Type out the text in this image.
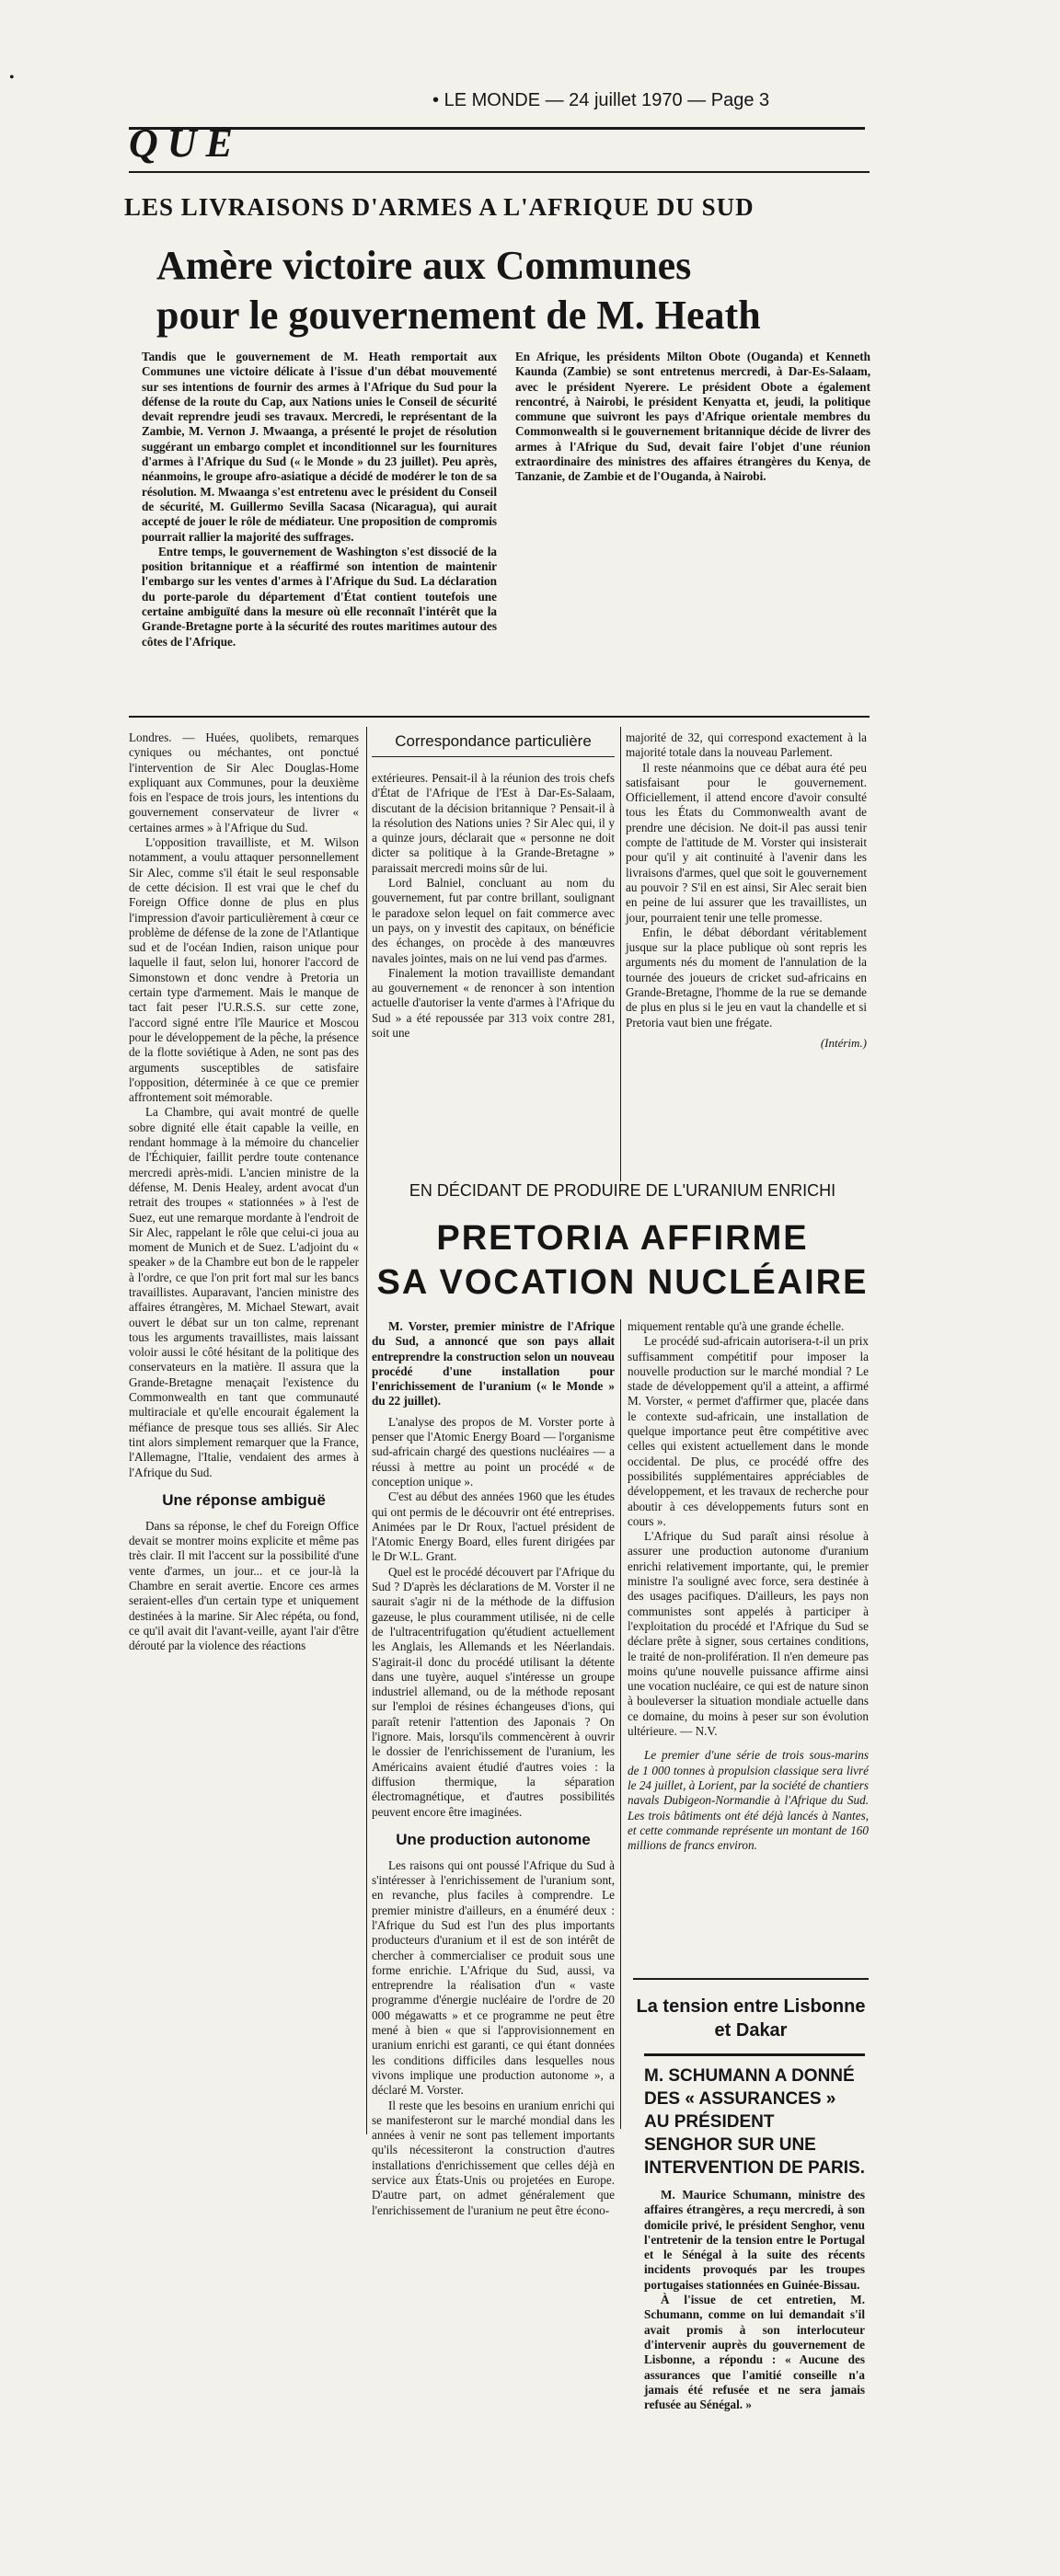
•
• LE MONDE — 24 juillet 1970 — Page 3
QUE
LES LIVRAISONS D'ARMES A L'AFRIQUE DU SUD
Amère victoire aux Communes
pour le gouvernement de M. Heath

Tandis que le gouvernement de M. Heath remportait aux Communes une victoire délicate à l'issue d'un débat mouvementé sur ses intentions de fournir des armes à l'Afrique du Sud pour la défense de la route du Cap, aux Nations unies le Conseil de sécurité devait reprendre jeudi ses travaux. Mercredi, le représentant de la Zambie, M. Vernon J. Mwaanga, a présenté le projet de résolution suggérant un embargo complet et inconditionnel sur les fournitures d'armes à l'Afrique du Sud (« le Monde » du 23 juillet). Peu après, néanmoins, le groupe afro-asiatique a décidé de modérer le ton de sa résolution. M. Mwaanga s'est entretenu avec le président du Conseil de sécurité, M. Guillermo Sevilla Sacasa (Nicaragua), qui aurait accepté de jouer le rôle de médiateur. Une proposition de compromis pourrait rallier la majorité des suffrages.

Entre temps, le gouvernement de Washington s'est dissocié de la position britannique et a réaffirmé son intention de maintenir l'embargo sur les ventes d'armes à l'Afrique du Sud. La déclaration du porte-parole du département d'État contient toutefois une certaine ambiguïté dans la mesure où elle reconnaît l'intérêt que la Grande-Bretagne porte à la sécurité des routes maritimes autour des côtes de l'Afrique.

En Afrique, les présidents Milton Obote (Ouganda) et Kenneth Kaunda (Zambie) se sont entretenus mercredi, à Dar-Es-Salaam, avec le président Nyerere. Le président Obote a également rencontré, à Nairobi, le président Kenyatta et, jeudi, la politique commune que suivront les pays d'Afrique orientale membres du Commonwealth si le gouvernement britannique décide de livrer des armes à l'Afrique du Sud, devait faire l'objet d'une réunion extraordinaire des ministres des affaires étrangères du Kenya, de Tanzanie, de Zambie et de l'Ouganda, à Nairobi.

Londres. — Huées, quolibets, remarques cyniques ou méchantes, ont ponctué l'intervention de Sir Alec Douglas-Home expliquant aux Communes, pour la deuxième fois en l'espace de trois jours, les intentions du gouvernement conservateur de livrer « certaines armes » à l'Afrique du Sud.

L'opposition travailliste, et M. Wilson notamment, a voulu attaquer personnellement Sir Alec, comme s'il était le seul responsable de cette décision. Il est vrai que le chef du Foreign Office donne de plus en plus l'impression d'avoir particulièrement à cœur ce problème de défense de la zone de l'Atlantique sud et de l'océan Indien, raison unique pour laquelle il faut, selon lui, honorer l'accord de Simonstown et donc vendre à Pretoria un certain type d'armement. Mais le manque de tact fait peser l'U.R.S.S. sur cette zone, l'accord signé entre l'île Maurice et Moscou pour le développement de la pêche, la présence de la flotte soviétique à Aden, ne sont pas des arguments susceptibles de satisfaire l'opposition, déterminée à ce que ce premier affrontement soit mémorable.

La Chambre, qui avait montré de quelle sobre dignité elle était capable la veille, en rendant hommage à la mémoire du chancelier de l'Échiquier, faillit perdre toute contenance mercredi après-midi. L'ancien ministre de la défense, M. Denis Healey, ardent avocat d'un retrait des troupes « stationnées » à l'est de Suez, eut une remarque mordante à l'endroit de Sir Alec, rappelant le rôle que celui-ci joua au moment de Munich et de Suez. L'adjoint du « speaker » de la Chambre eut bon de le rappeler à l'ordre, ce que l'on prit fort mal sur les bancs travaillistes. Auparavant, l'ancien ministre des affaires étrangères, M. Michael Stewart, avait ouvert le débat sur un ton calme, reprenant tous les arguments travaillistes, mais laissant voloir aussi le côté hésitant de la politique des conservateurs en la matière. Il assura que la Grande-Bretagne menaçait l'existence du Commonwealth en tant que communauté multiraciale et qu'elle encourait également la méfiance de presque tous ses alliés. Sir Alec tint alors simplement remarquer que la France, l'Allemagne, l'Italie, vendaient des armes à l'Afrique du Sud.

Une réponse ambiguë

Dans sa réponse, le chef du Foreign Office devait se montrer moins explicite et même pas très clair. Il mit l'accent sur la possibilité d'une vente d'armes, un jour... et ce jour-là la Chambre en serait avertie. Encore ces armes seraient-elles d'un certain type et uniquement destinées à la marine. Sir Alec répéta, ou fond, ce qu'il avait dit l'avant-veille, ayant l'air d'être dérouté par la violence des réactions

Correspondance particulière

extérieures. Pensait-il à la réunion des trois chefs d'État de l'Afrique de l'Est à Dar-Es-Salaam, discutant de la décision britannique ? Pensait-il à la résolution des Nations unies ? Sir Alec qui, il y a quinze jours, déclarait que « personne ne doit dicter sa politique à la Grande-Bretagne » paraissait mercredi moins sûr de lui.

Lord Balniel, concluant au nom du gouvernement, fut par contre brillant, soulignant le paradoxe selon lequel on fait commerce avec un pays, on y investit des capitaux, on bénéficie des échanges, on procède à des manœuvres navales jointes, mais on ne lui vend pas d'armes.

Finalement la motion travailliste demandant au gouvernement « de renoncer à son intention actuelle d'autoriser la vente d'armes à l'Afrique du Sud » a été repoussée par 313 voix contre 281, soit une

majorité de 32, qui correspond exactement à la majorité totale dans la nouveau Parlement.

Il reste néanmoins que ce débat aura été peu satisfaisant pour le gouvernement. Officiellement, il attend encore d'avoir consulté tous les États du Commonwealth avant de prendre une décision. Ne doit-il pas aussi tenir compte de l'attitude de M. Vorster qui insisterait pour qu'il y ait continuité à l'avenir dans les livraisons d'armes, quel que soit le gouvernement au pouvoir ? S'il en est ainsi, Sir Alec serait bien en peine de lui assurer que les travaillistes, un jour, pourraient tenir une telle promesse.

Enfin, le débat débordant véritablement jusque sur la place publique où sont repris les arguments nés du moment de l'annulation de la tournée des joueurs de cricket sud-africains en Grande-Bretagne, l'homme de la rue se demande de plus en plus si le jeu en vaut la chandelle et si Pretoria vaut bien une frégate.

(Intérim.)
EN DÉCIDANT DE PRODUIRE DE L'URANIUM ENRICHI
PRETORIA AFFIRME
SA VOCATION NUCLÉAIRE

M. Vorster, premier ministre de l'Afrique du Sud, a annoncé que son pays allait entreprendre la construction selon un nouveau procédé d'une installation pour l'enrichissement de l'uranium (« le Monde » du 22 juillet).

L'analyse des propos de M. Vorster porte à penser que l'Atomic Energy Board — l'organisme sud-africain chargé des questions nucléaires — a réussi à mettre au point un procédé « de conception unique ».

C'est au début des années 1960 que les études qui ont permis de le découvrir ont été entreprises. Animées par le Dr Roux, l'actuel président de l'Atomic Energy Board, elles furent dirigées par le Dr W.L. Grant.

Quel est le procédé découvert par l'Afrique du Sud ? D'après les déclarations de M. Vorster il ne saurait s'agir ni de la méthode de la diffusion gazeuse, le plus couramment utilisée, ni de celle de l'ultracentrifugation qu'étudient actuellement les Anglais, les Allemands et les Néerlandais. S'agirait-il donc du procédé utilisant la détente dans une tuyère, auquel s'intéresse un groupe industriel allemand, ou de la méthode reposant sur l'emploi de résines échangeuses d'ions, qui paraît retenir l'attention des Japonais ? On l'ignore. Mais, lorsqu'ils commencèrent à ouvrir le dossier de l'enrichissement de l'uranium, les Américains avaient étudié d'autres voies : la diffusion thermique, la séparation électromagnétique, et d'autres possibilités peuvent encore être imaginées.

Une production autonome

Les raisons qui ont poussé l'Afrique du Sud à s'intéresser à l'enrichissement de l'uranium sont, en revanche, plus faciles à comprendre. Le premier ministre d'ailleurs, en a énuméré deux : l'Afrique du Sud est l'un des plus importants producteurs d'uranium et il est de son intérêt de chercher à commercialiser ce produit sous une forme enrichie. L'Afrique du Sud, aussi, va entreprendre la réalisation d'un « vaste programme d'énergie nucléaire de l'ordre de 20 000 mégawatts » et ce programme ne peut être mené à bien « que si l'approvisionnement en uranium enrichi est garanti, ce qui étant données les conditions difficiles dans lesquelles nous vivons implique une production autonome », a déclaré M. Vorster.

Il reste que les besoins en uranium enrichi qui se manifesteront sur le marché mondial dans les années à venir ne sont pas tellement importants qu'ils nécessiteront la construction d'autres installations d'enrichissement que celles déjà en service aux États-Unis ou projetées en Europe. D'autre part, on admet généralement que l'enrichissement de l'uranium ne peut être écono-

miquement rentable qu'à une grande échelle.

Le procédé sud-africain autorisera-t-il un prix suffisamment compétitif pour imposer la nouvelle production sur le marché mondial ? Le stade de développement qu'il a atteint, a affirmé M. Vorster, « permet d'affirmer que, placée dans le contexte sud-africain, une installation de quelque importance peut être compétitive avec celles qui existent actuellement dans le monde occidental. De plus, ce procédé offre des possibilités supplémentaires appréciables de développement, et les travaux de recherche pour aboutir à ces développements futurs sont en cours ».

L'Afrique du Sud paraît ainsi résolue à assurer une production autonome d'uranium enrichi relativement importante, qui, le premier ministre l'a souligné avec force, sera destinée à des usages pacifiques. D'ailleurs, les pays non communistes sont appelés à participer à l'exploitation du procédé et l'Afrique du Sud se déclare prête à signer, sous certaines conditions, le traité de non-prolifération. Il n'en demeure pas moins qu'une nouvelle puissance affirme ainsi une vocation nucléaire, ce qui est de nature sinon à bouleverser la situation mondiale actuelle dans ce domaine, du moins à peser sur son évolution ultérieure. — N.V.

Le premier d'une série de trois sous-marins de 1 000 tonnes à propulsion classique sera livré le 24 juillet, à Lorient, par la société de chantiers navals Dubigeon-Normandie à l'Afrique du Sud. Les trois bâtiments ont été déjà lancés à Nantes, et cette commande représente un montant de 160 millions de francs environ.

La tension entre Lisbonne
et Dakar
M. SCHUMANN A DONNÉ DES « ASSURANCES » AU PRÉSIDENT SENGHOR SUR UNE INTERVENTION DE PARIS.

M. Maurice Schumann, ministre des affaires étrangères, a reçu mercredi, à son domicile privé, le président Senghor, venu l'entretenir de la tension entre le Portugal et le Sénégal à la suite des récents incidents provoqués par les troupes portugaises stationnées en Guinée-Bissau.

À l'issue de cet entretien, M. Schumann, comme on lui demandait s'il avait promis à son interlocuteur d'intervenir auprès du gouvernement de Lisbonne, a répondu : « Aucune des assurances que l'amitié conseille n'a jamais été refusée et ne sera jamais refusée au Sénégal. »
